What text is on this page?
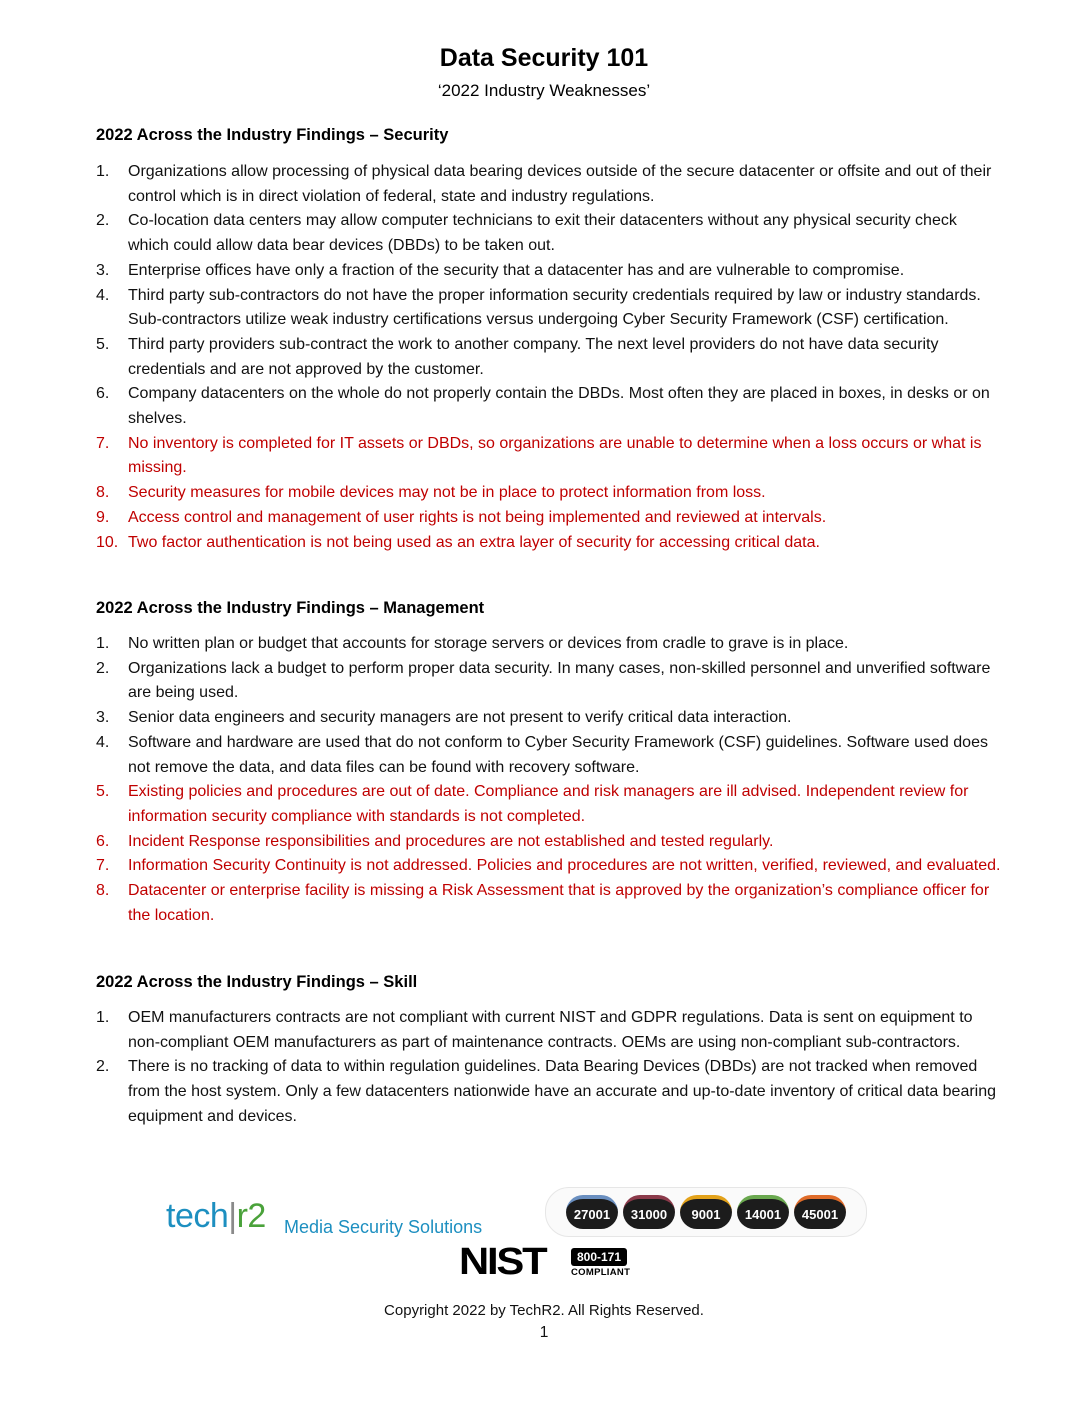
Data Security 101
‘2022 Industry Weaknesses’
2022 Across the Industry Findings – Security
1. Organizations allow processing of physical data bearing devices outside of the secure datacenter or offsite and out of their control which is in direct violation of federal, state and industry regulations.
2. Co-location data centers may allow computer technicians to exit their datacenters without any physical security check which could allow data bear devices (DBDs) to be taken out.
3. Enterprise offices have only a fraction of the security that a datacenter has and are vulnerable to compromise.
4. Third party sub-contractors do not have the proper information security credentials required by law or industry standards. Sub-contractors utilize weak industry certifications versus undergoing Cyber Security Framework (CSF) certification.
5. Third party providers sub-contract the work to another company. The next level providers do not have data security credentials and are not approved by the customer.
6. Company datacenters on the whole do not properly contain the DBDs. Most often they are placed in boxes, in desks or on shelves.
7. No inventory is completed for IT assets or DBDs, so organizations are unable to determine when a loss occurs or what is missing.
8. Security measures for mobile devices may not be in place to protect information from loss.
9. Access control and management of user rights is not being implemented and reviewed at intervals.
10. Two factor authentication is not being used as an extra layer of security for accessing critical data.
2022 Across the Industry Findings – Management
1. No written plan or budget that accounts for storage servers or devices from cradle to grave is in place.
2. Organizations lack a budget to perform proper data security. In many cases, non-skilled personnel and unverified software are being used.
3. Senior data engineers and security managers are not present to verify critical data interaction.
4. Software and hardware are used that do not conform to Cyber Security Framework (CSF) guidelines. Software used does not remove the data, and data files can be found with recovery software.
5. Existing policies and procedures are out of date. Compliance and risk managers are ill advised. Independent review for information security compliance with standards is not completed.
6. Incident Response responsibilities and procedures are not established and tested regularly.
7. Information Security Continuity is not addressed. Policies and procedures are not written, verified, reviewed, and evaluated.
8. Datacenter or enterprise facility is missing a Risk Assessment that is approved by the organization’s compliance officer for the location.
2022 Across the Industry Findings – Skill
1. OEM manufacturers contracts are not compliant with current NIST and GDPR regulations. Data is sent on equipment to non-compliant OEM manufacturers as part of maintenance contracts. OEMs are using non-compliant sub-contractors.
2. There is no tracking of data to within regulation guidelines. Data Bearing Devices (DBDs) are not tracked when removed from the host system. Only a few datacenters nationwide have an accurate and up-to-date inventory of critical data bearing equipment and devices.
tech|r2 Media Security Solutions
27001	31000	9001	14001	45001
NIST	800-171
COMPLIANT
Copyright 2022 by TechR2. All Rights Reserved.
1
